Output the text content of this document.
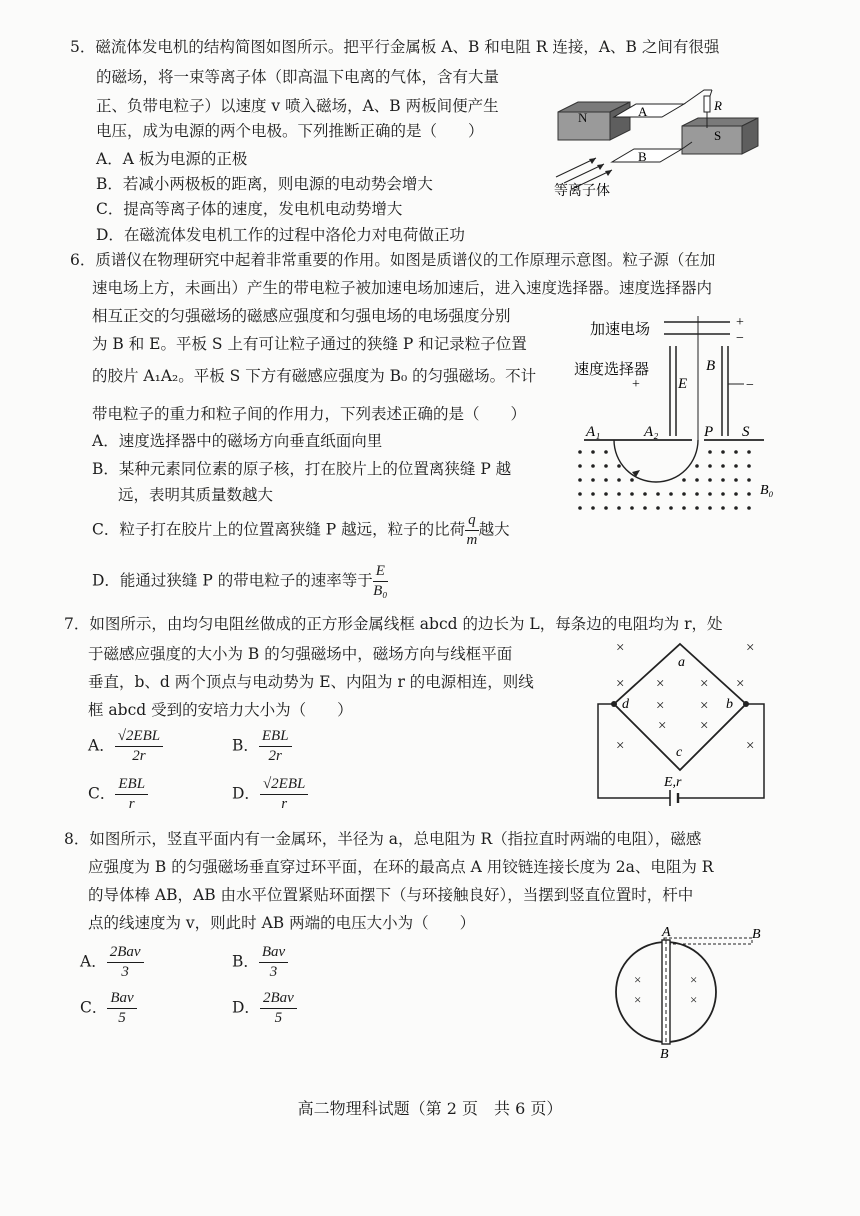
5．磁流体发电机的结构简图如图所示。把平行金属板 A、B 和电阻 R 连接，A、B 之间有很强
的磁场，将一束等离子体（即高温下电离的气体，含有大量
正、负带电粒子）以速度 v 喷入磁场，A、B 两板间便产生
电压，成为电源的两个电极。下列推断正确的是（　　）
A．A 板为电源的正极
B．若减小两极板的距离，则电源的电动势会增大
C．提高等离子体的速度，发电机电动势增大
D．在磁流体发电机工作的过程中洛伦力对电荷做正功
N	A
B
S
R
等离子体
6．质谱仪在物理研究中起着非常重要的作用。如图是质谱仪的工作原理示意图。粒子源（在加
速电场上方，未画出）产生的带电粒子被加速电场加速后，进入速度选择器。速度选择器内
相互正交的匀强磁场的磁感应强度和匀强电场的电场强度分别
为 B 和 E。平板 S 上有可让粒子通过的狭缝 P 和记录粒子位置
的胶片 A₁A₂。平板 S 下方有磁感应强度为 B₀ 的匀强磁场。不计
带电粒子的重力和粒子间的作用力，下列表述正确的是（　　）
A．速度选择器中的磁场方向垂直纸面向里
B．某种元素同位素的原子核，打在胶片上的位置离狭缝 P 越
远，表明其质量数越大
C．粒子打在胶片上的位置离狭缝 P 越远，粒子的比荷 $\frac{q}{m}$ 越大
D．能通过狭缝 P 的带电粒子的速率等于 $\frac{E}{\text{B₀}}$
加速电场	+
−
速度选择器
+	−
B
E
A₁	A₂	P S
B₀
7．如图所示，由均匀电阻丝做成的正方形金属线框 abcd 的边长为 L，每条边的电阻均为 r，处
于磁感应强度的大小为 B 的匀强磁场中，磁场方向与线框平面
垂直，b、d 两个顶点与电动势为 E、内阻为 r 的电源相连，则线
框 abcd 受到的安培力大小为（　　）
A． $\frac{\text{√2EBL}}{2r}$	B． $\frac{\text{EBL}}{2r}$
C． $\frac{\text{EBL}}{r}$	D． $\frac{\text{√2EBL}}{r}$
×	×
× × × ×
×
× ×
×
× ×
a
b
c
d
E,r
8．如图所示，竖直平面内有一金属环，半径为 a，总电阻为 R（指拉直时两端的电阻），磁感
应强度为 B 的匀强磁场垂直穿过环平面，在环的最高点 A 用铰链连接长度为 2a、电阻为 R
的导体棒 AB，AB 由水平位置紧贴环面摆下（与环接触良好），当摆到竖直位置时，杆中
点的线速度为 v，则此时 AB 两端的电压大小为（　　）
A． $\frac{\text{2Bav}}{3}$	B． $\frac{\text{Bav}}{3}$
C． $\frac{\text{Bav}}{5}$	D． $\frac{\text{2Bav}}{5}$
A	B
B
×
×
×
×
高二物理科试题（第 2 页　共 6 页）
